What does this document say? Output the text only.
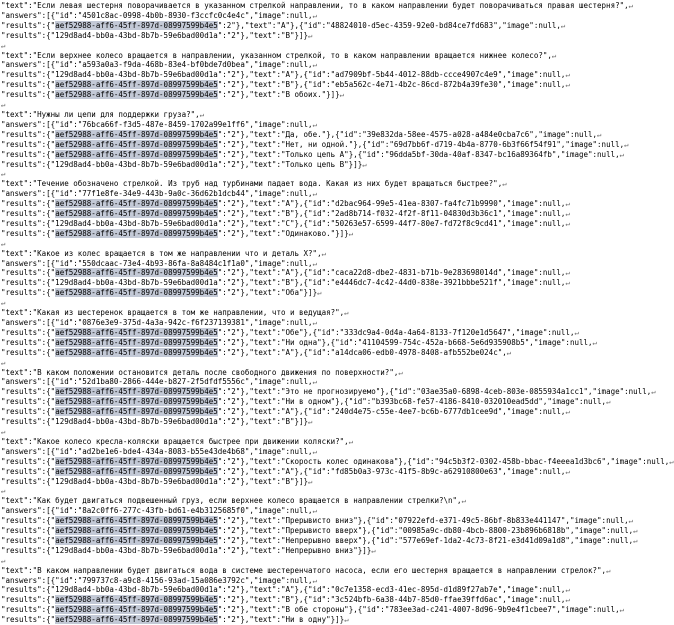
"text":"Если левая шестерня поворачивается в указанном стрелкой направлении, то в каком направлении будет поворачиваться правая шестерня?",↵
"answers":[{"id":"4501c8ac-0998-4b0b-8930-f3ccfc0c4e4c","image":null,↵
"results":{"aef52988-aff6-45ff-897d-08997599b4e5":2"},"text":"A"},{"id":"48824010-d5ec-4359-92e0-bd84ce7fd683","image":null,↵
"results":{"129d8ad4-bb0a-43bd-8b7b-59e6bad00d1a":"2"},"text":"B"}]}↵
↵
"text":"Если верхнее колесо вращается в направлении, указанном стрелкой, то в каком направлении вращается нижнее колесо?",↵
"answers":[{"id":"a593a0a3-f9da-468b-83e4-bf0bde7d0bea","image":null,↵
"results":{"129d8ad4-bb0a-43bd-8b7b-59e6bad00d1a":"2"},"text":"A"},{"id":"ad7909bf-5b44-4012-88db-ccce4907c4e9","image":null,↵
"results":{"aef52988-aff6-45ff-897d-08997599b4e5":"2"},"text":"B"},{"id":"eb5a562c-4e71-4b2c-86cd-872b4a39fe30","image":null,↵
"results":{"aef52988-aff6-45ff-897d-08997599b4e5":"2"},"text":"В обоих."}]}↵
↵
"text":"Нужны ли цепи для поддержки груза?",↵
"answers":[{"id":"76bca66f-f3d5-487e-8459-1702a99e1ff6","image":null,↵
"results":{"aef52988-aff6-45ff-897d-08997599b4e5":"2"},"text":"Да, обе."},{"id":"39e832da-58ee-4575-a028-a484e0cba7c6","image":null,↵
"results":{"aef52988-aff6-45ff-897d-08997599b4e5":"2"},"text":"Нет, ни одной."},{"id":"69d7bb6f-d719-4b4a-8770-6b3f66f54f91","image":null,↵
"results":{"aef52988-aff6-45ff-897d-08997599b4e5":"2"},"text":"Только цепь A"},{"id":"96dda5bf-30da-40af-8347-bc16a89364fb","image":null,↵
"results":{"129d8ad4-bb0a-43bd-8b7b-59e6bad00d1a":"2"},"text":"Только цепь B"}]}↵
↵
"text":"Течение обозначено стрелкой. Из труб над турбинами падает вода. Какая из них будет вращаться быстрее?",↵
"answers":[{"id":"77f1e8fe-34e9-443b-9a0c-36d62b1dcb44","image":null,↵
"results":{"aef52988-aff6-45ff-897d-08997599b4e5":"2"},"text":"A"},{"id":"d2bac964-99e5-41ea-8307-fa4fc71b9990","image":null,↵
"results":{"aef52988-aff6-45ff-897d-08997599b4e5":"2"},"text":"B"},{"id":"2ad8b714-f032-4f2f-8f11-04830d3b36c1","image":null,↵
"results":{"129d8ad4-bb0a-43bd-8b7b-59e6bad00d1a":"2"},"text":"C"},{"id":"50263e57-6599-44f7-80e7-fd72f8c9cd41","image":null,↵
"results":{"aef52988-aff6-45ff-897d-08997599b4e5":"2"},"text":"Одинаково."}]}↵
↵
"text":"Какое из колес вращается в том же направлении что и деталь X?",↵
"answers":[{"id":"550dcaac-73e4-4b93-86fa-8a8484c1f1a0","image":null,↵
"results":{"aef52988-aff6-45ff-897d-08997599b4e5":"2"},"text":"A"},{"id":"caca22d8-dbe2-4831-b71b-9e283698014d","image":null,↵
"results":{"129d8ad4-bb0a-43bd-8b7b-59e6bad00d1a":"2"},"text":"B"},{"id":"e4446dc7-4c42-44d0-838e-3921bbbe521f","image":null,↵
"results":{"aef52988-aff6-45ff-897d-08997599b4e5":"2"},"text":"Оба"}]}↵
↵
"text":"Какая из шестеренок вращается в том же направлении, что и ведущая?",↵
"answers":[{"id":"0876e3e9-375d-4a3a-942c-f6f237139381","image":null,↵
"results":{"aef52988-aff6-45ff-897d-08997599b4e5":"2"},"text":"Обе"},{"id":"333dc9a4-0d4a-4a64-8133-7f120e1d5647","image":null,↵
"results":{"aef52988-aff6-45ff-897d-08997599b4e5":"2"},"text":"Ни одна"},{"id":"41104599-754c-452a-b668-5e6d935908b5","image":null,↵
"results":{"aef52988-aff6-45ff-897d-08997599b4e5":"2"},"text":"A"},{"id":"a14dca06-edb0-4978-8408-afb552be024c",↵
↵
"text":"В каком положении остановится деталь после свободного движения по поверхности?",↵
"answers":[{"id":"52d1ba80-2866-444e-b827-2f5dfdf5556c","image":null,↵
"results":{"aef52988-aff6-45ff-897d-08997599b4e5":"2"},"text":"Это не прогнозируемо"},{"id":"03ae35a0-6898-4ceb-803e-0855934a1cc1","image":null,↵
"results":{"aef52988-aff6-45ff-897d-08997599b4e5":"2"},"text":"Ни в одном"},{"id":"b393bc68-fe57-4186-8410-032010ead5dd","image":null,↵
"results":{"aef52988-aff6-45ff-897d-08997599b4e5":"2"},"text":"A"},{"id":"240d4e75-c55e-4ee7-bc6b-6777db1cee9d","image":null,↵
"results":{"129d8ad4-bb0a-43bd-8b7b-59e6bad00d1a":"2"},"text":"B"}]}↵
↵
"text":"Какое колесо кресла-коляски вращается быстрее при движении коляски?",↵
"answers":[{"id":"ad2be1e6-bde4-434a-8083-b55e43de4b68","image":null,↵
"results":{"aef52988-aff6-45ff-897d-08997599b4e5":"2"},"text":"Скорость колес одинакова"},{"id":"94c5b3f2-0302-458b-bbac-f4eeea1d3bc6","image":null,↵
"results":{"aef52988-aff6-45ff-897d-08997599b4e5":"2"},"text":"A"},{"id":"fd85b0a3-973c-41f5-8b9c-a62910800e63","image":null,↵
"results":{"129d8ad4-bb0a-43bd-8b7b-59e6bad00d1a":"2"},"text":"B"}]}↵
↵
"text":"Как будет двигаться подвешенный груз, если верхнее колесо вращается в направлении стрелки?\n",↵
"answers":[{"id":"8a2c0ff6-277c-43fb-bd61-e4b3125685f0","image":null,↵
"results":{"aef52988-aff6-45ff-897d-08997599b4e5":"2"},"text":"Прерывисто вниз"},{"id":"07922efd-e371-49c5-86bf-8b833e441147","image":null,↵
"results":{"aef52988-aff6-45ff-897d-08997599b4e5":"2"},"text":"Прерывисто вверх"},{"id":"00985a9c-db80-4bcb-8800-23b896b6818b","image":null,↵
"results":{"aef52988-aff6-45ff-897d-08997599b4e5":"2"},"text":"Непрерывно вверх"},{"id":"577e69ef-1da2-4c73-8f21-e3d41d09a1d8","image":null,↵
"results":{"129d8ad4-bb0a-43bd-8b7b-59e6bad00d1a":"2"},"text":"Непрерывно вниз"}]}↵
↵
"text":"В каком направлении будет двигаться вода в системе шестеренчатого насоса, если его шестерня вращается в направлении стрелок?",↵
"answers":[{"id":"799737c8-a9c8-4156-93ad-15a086e3792c","image":null,↵
"results":{"129d8ad4-bb0a-43bd-8b7b-59e6bad00d1a":"2"},"text":"A"},{"id":"0c7e1358-ecd3-41ec-895d-d1d89f27ab7e","image":null,↵
"results":{"aef52988-aff6-45ff-897d-08997599b4e5":"2"},"text":"B"},{"id":"3c524bfb-6a38-44b7-85d0-ffae39ffd6ac","image":null,↵
"results":{"aef52988-aff6-45ff-897d-08997599b4e5":"2"},"text":"В обе стороны"},{"id":"783ee3ad-c241-4007-8d96-9b9e4f1cbee7","image":null,↵
"results":{"aef52988-aff6-45ff-897d-08997599b4e5":"2"},"text":"Ни в одну"}]}↵
